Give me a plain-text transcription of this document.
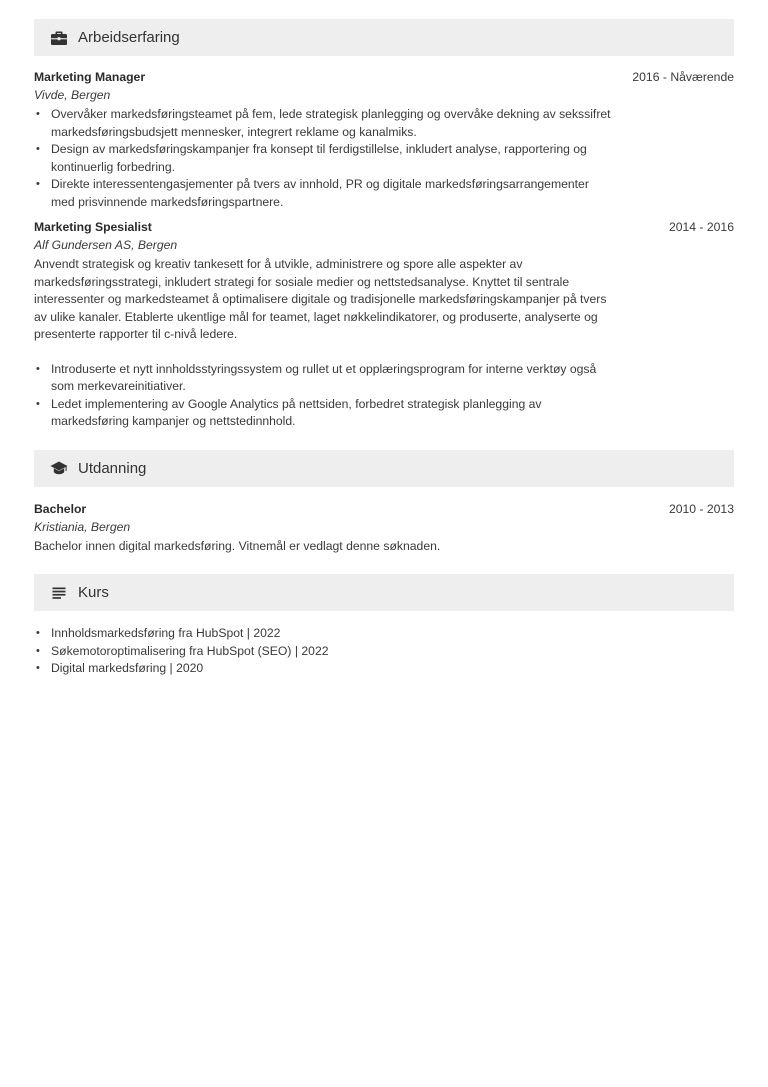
Arbeidserfaring
Marketing Manager	2016 - Nåværende
Vivde, Bergen
• Overvåker markedsføringsteamet på fem, lede strategisk planlegging og overvåke dekning av sekssifret markedsføringsbudsjett mennesker, integrert reklame og kanalmiks.
• Design av markedsføringskampanjer fra konsept til ferdigstillelse, inkludert analyse, rapportering og kontinuerlig forbedring.
• Direkte interessentengasjementer på tvers av innhold, PR og digitale markedsføringsarrangementer med prisvinnende markedsføringspartnere.
Marketing Spesialist	2014 - 2016
Alf Gundersen AS, Bergen
Anvendt strategisk og kreativ tankesett for å utvikle, administrere og spore alle aspekter av markedsføringsstrategi, inkludert strategi for sosiale medier og nettstedsanalyse. Knyttet til sentrale interessenter og markedsteamet å optimalisere digitale og tradisjonelle markedsføringskampanjer på tvers av ulike kanaler. Etablerte ukentlige mål for teamet, laget nøkkelindikatorer, og produserte, analyserte og presenterte rapporter til c-nivå ledere.
• Introduserte et nytt innholdsstyringssystem og rullet ut et opplæringsprogram for interne verktøy også som merkevareinitiativer.
• Ledet implementering av Google Analytics på nettsiden, forbedret strategisk planlegging av markedsføring kampanjer og nettstedinnhold.
Utdanning
Bachelor	2010 - 2013
Kristiania, Bergen
Bachelor innen digital markedsføring. Vitnemål er vedlagt denne søknaden.
Kurs
• Innholdsmarkedsføring fra HubSpot | 2022
• Søkemotoroptimalisering fra HubSpot (SEO) | 2022
• Digital markedsføring | 2020
